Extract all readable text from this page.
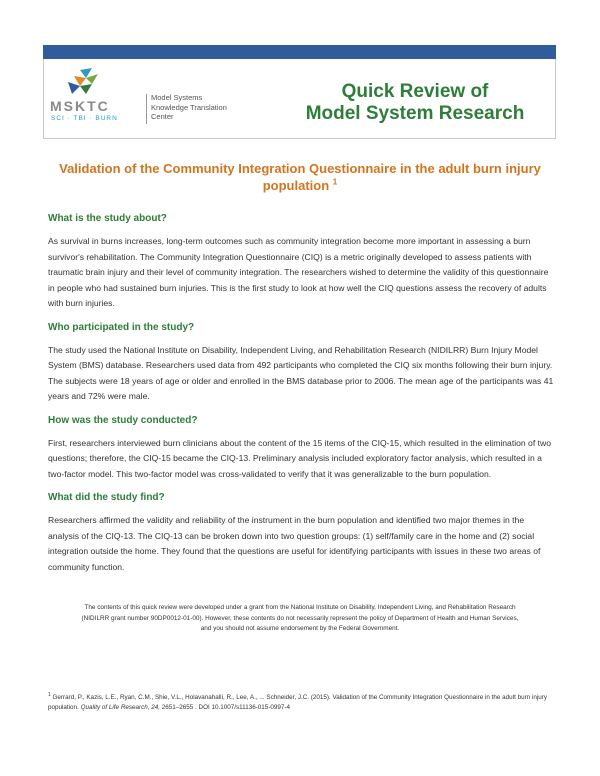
MSKTC
SCI · TBI · BURN
Model Systems
Knowledge Translation
Center
Quick Review of
Model System Research
Validation of the Community Integration Questionnaire in the adult burn injury population $^1$
What is the study about?
As survival in burns increases, long-term outcomes such as community integration become more important in assessing a burn survivor's rehabilitation. The Community Integration Questionnaire (CIQ) is a metric originally developed to assess patients with traumatic brain injury and their level of community integration. The researchers wished to determine the validity of this questionnaire in people who had sustained burn injuries. This is the first study to look at how well the CIQ questions assess the recovery of adults with burn injuries.
Who participated in the study?
The study used the National Institute on Disability, Independent Living, and Rehabilitation Research (NIDILRR) Burn Injury Model System (BMS) database. Researchers used data from 492 participants who completed the CIQ six months following their burn injury. The subjects were 18 years of age or older and enrolled in the BMS database prior to 2006. The mean age of the participants was 41 years and 72% were male.
How was the study conducted?
First, researchers interviewed burn clinicians about the content of the 15 items of the CIQ-15, which resulted in the elimination of two questions; therefore, the CIQ-15 became the CIQ-13. Preliminary analysis included exploratory factor analysis, which resulted in a two-factor model. This two-factor model was cross-validated to verify that it was generalizable to the burn population.
What did the study find?
Researchers affirmed the validity and reliability of the instrument in the burn population and identified two major themes in the analysis of the CIQ-13. The CIQ-13 can be broken down into two question groups: (1) self/family care in the home and (2) social integration outside the home. They found that the questions are useful for identifying participants with issues in these two areas of community function.
The contents of this quick review were developed under a grant from the National Institute on Disability, Independent Living, and Rehabilitation Research (NIDILRR grant number 90DP0012-01-00). However, these contents do not necessarily represent the policy of Department of Health and Human Services, and you should not assume endorsement by the Federal Government.
$^1$ Gerrard, P., Kazis, L.E., Ryan, C.M., Shie, V.L., Holavanahalli, R., Lee, A., ... Schneider, J.C. (2015). Validation of the Community Integration Questionnaire in the adult burn injury population. Quality of Life Research, 24, 2651–2655 . DOI 10.1007/s11136-015-0997-4
